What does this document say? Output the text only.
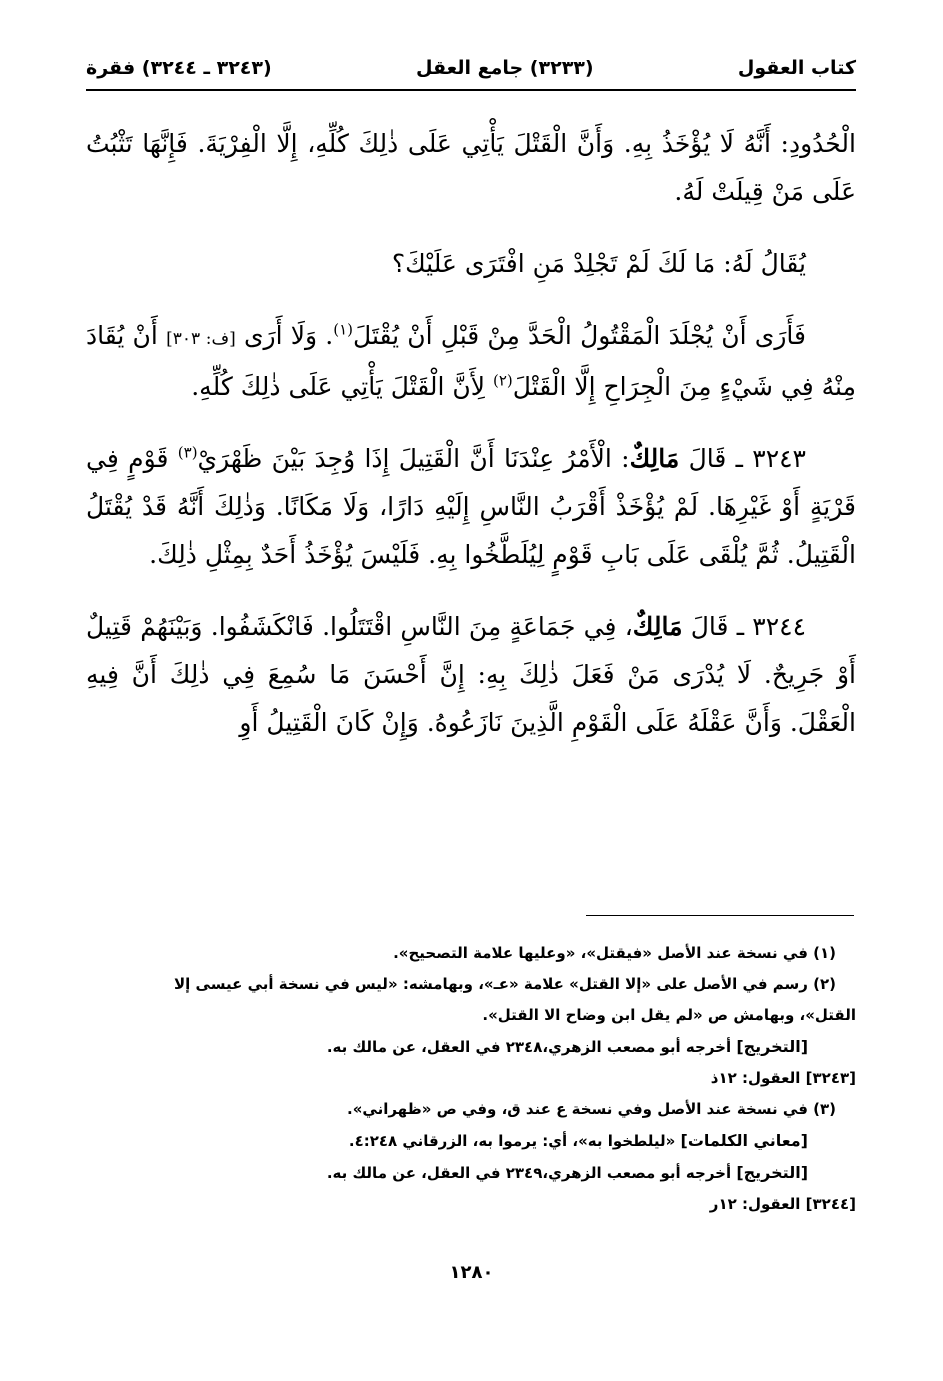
كتاب العقول
(٣٢٣٣) جامع العقل
(٣٢٤٣ ـ ٣٢٤٤) فقرة

الْحُدُودِ: أَنَّهُ لَا يُؤْخَذُ بِهِ. وَأَنَّ الْقَتْلَ يَأْتِي عَلَى ذٰلِكَ كُلِّهِ، إِلَّا الْفِرْيَةَ. فَإِنَّهَا تَثْبُتُ عَلَى مَنْ قِيلَتْ لَهُ.

يُقَالُ لَهُ: مَا لَكَ لَمْ تَجْلِدْ مَنِ افْتَرَى عَلَيْكَ؟

فَأَرَى أَنْ يُجْلَدَ الْمَقْتُولُ الْحَدَّ مِنْ قَبْلِ أَنْ يُقْتَلَ$^{(١)}$. وَلَا أَرَى [ف: ٣٠٣] أَنْ يُقَادَ مِنْهُ فِي شَيْءٍ مِنَ الْجِرَاحِ إِلَّا الْقَتْلَ$^{(٢)}$ لِأَنَّ الْقَتْلَ يَأْتِي عَلَى ذٰلِكَ كُلِّهِ.

٣٢٤٣ ـ قَالَ مَالِكٌ: الْأَمْرُ عِنْدَنَا أَنَّ الْقَتِيلَ إِذَا وُجِدَ بَيْنَ ظَهْرَيْ$^{(٣)}$ قَوْمٍ فِي قَرْيَةٍ أَوْ غَيْرِهَا. لَمْ يُؤْخَذْ أَقْرَبُ النَّاسِ إِلَيْهِ دَارًا، وَلَا مَكَانًا. وَذٰلِكَ أَنَّهُ قَدْ يُقْتَلُ الْقَتِيلُ. ثُمَّ يُلْقَى عَلَى بَابِ قَوْمٍ لِيُلَطَّخُوا بِهِ. فَلَيْسَ يُؤْخَذُ أَحَدٌ بِمِثْلِ ذٰلِكَ.

٣٢٤٤ ـ قَالَ مَالِكٌ، فِي جَمَاعَةٍ مِنَ النَّاسِ اقْتَتَلُوا. فَانْكَشَفُوا. وَبَيْنَهُمْ قَتِيلٌ أَوْ جَرِيحٌ. لَا يُدْرَى مَنْ فَعَلَ ذٰلِكَ بِهِ: إِنَّ أَحْسَنَ مَا سُمِعَ فِي ذٰلِكَ أَنَّ فِيهِ الْعَقْلَ. وَأَنَّ عَقْلَهُ عَلَى الْقَوْمِ الَّذِينَ نَازَعُوهُ. وَإِنْ كَانَ الْقَتِيلُ أَوِ

(١) في نسخة عند الأصل «فيقتل»، «وعليها علامة التصحيح».

(٢) رسم في الأصل على «إلا القتل» علامة «عـ»، وبهامشه: «ليس في نسخة أبي عيسى إلا

القتل»، وبهامش ص «لم يقل ابن وضاح الا القتل».

[التخريج] أخرجه أبو مصعب الزهري،٢٣٤٨ في العقل، عن مالك به.

[٣٢٤٣] العقول: ١٢ذ

(٣) في نسخة عند الأصل وفي نسخة ع عند ق، وفي ص «ظهراني».

[معاني الكلمات] «ليلطخوا به»، أي: يرموا به، الزرقاني ٤:٢٤٨.

[التخريج] أخرجه أبو مصعب الزهري،٢٣٤٩ في العقل، عن مالك به.

[٣٢٤٤] العقول: ١٢ر

١٢٨٠
